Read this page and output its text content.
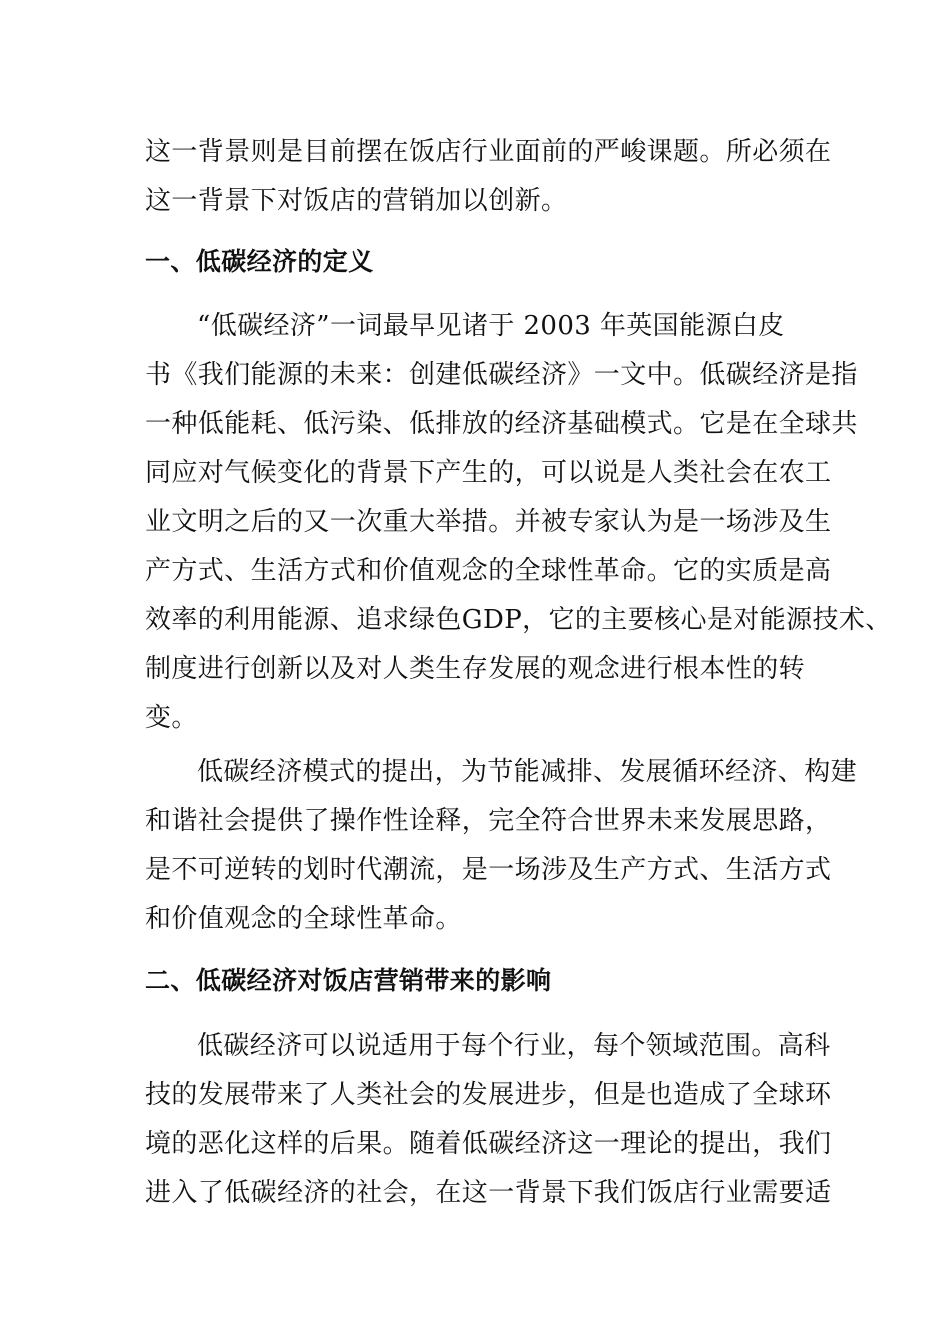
这一背景则是目前摆在饭店行业面前的严峻课题。所必须在
这一背景下对饭店的营销加以创新。
一、低碳经济的定义
“低碳经济”一词最早见诸于 2003 年英国能源白皮
书《我们能源的未来：创建低碳经济》一文中。低碳经济是指
一种低能耗、低污染、低排放的经济基础模式。它是在全球共
同应对气候变化的背景下产生的，可以说是人类社会在农工
业文明之后的又一次重大举措。并被专家认为是一场涉及生
产方式、生活方式和价值观念的全球性革命。它的实质是高
效率的利用能源、追求绿色GDP，它的主要核心是对能源技术、
制度进行创新以及对人类生存发展的观念进行根本性的转
变。
低碳经济模式的提出，为节能减排、发展循环经济、构建
和谐社会提供了操作性诠释，完全符合世界未来发展思路，
是不可逆转的划时代潮流，是一场涉及生产方式、生活方式
和价值观念的全球性革命。
二、低碳经济对饭店营销带来的影响
低碳经济可以说适用于每个行业，每个领域范围。高科
技的发展带来了人类社会的发展进步，但是也造成了全球环
境的恶化这样的后果。随着低碳经济这一理论的提出，我们
进入了低碳经济的社会，在这一背景下我们饭店行业需要适
